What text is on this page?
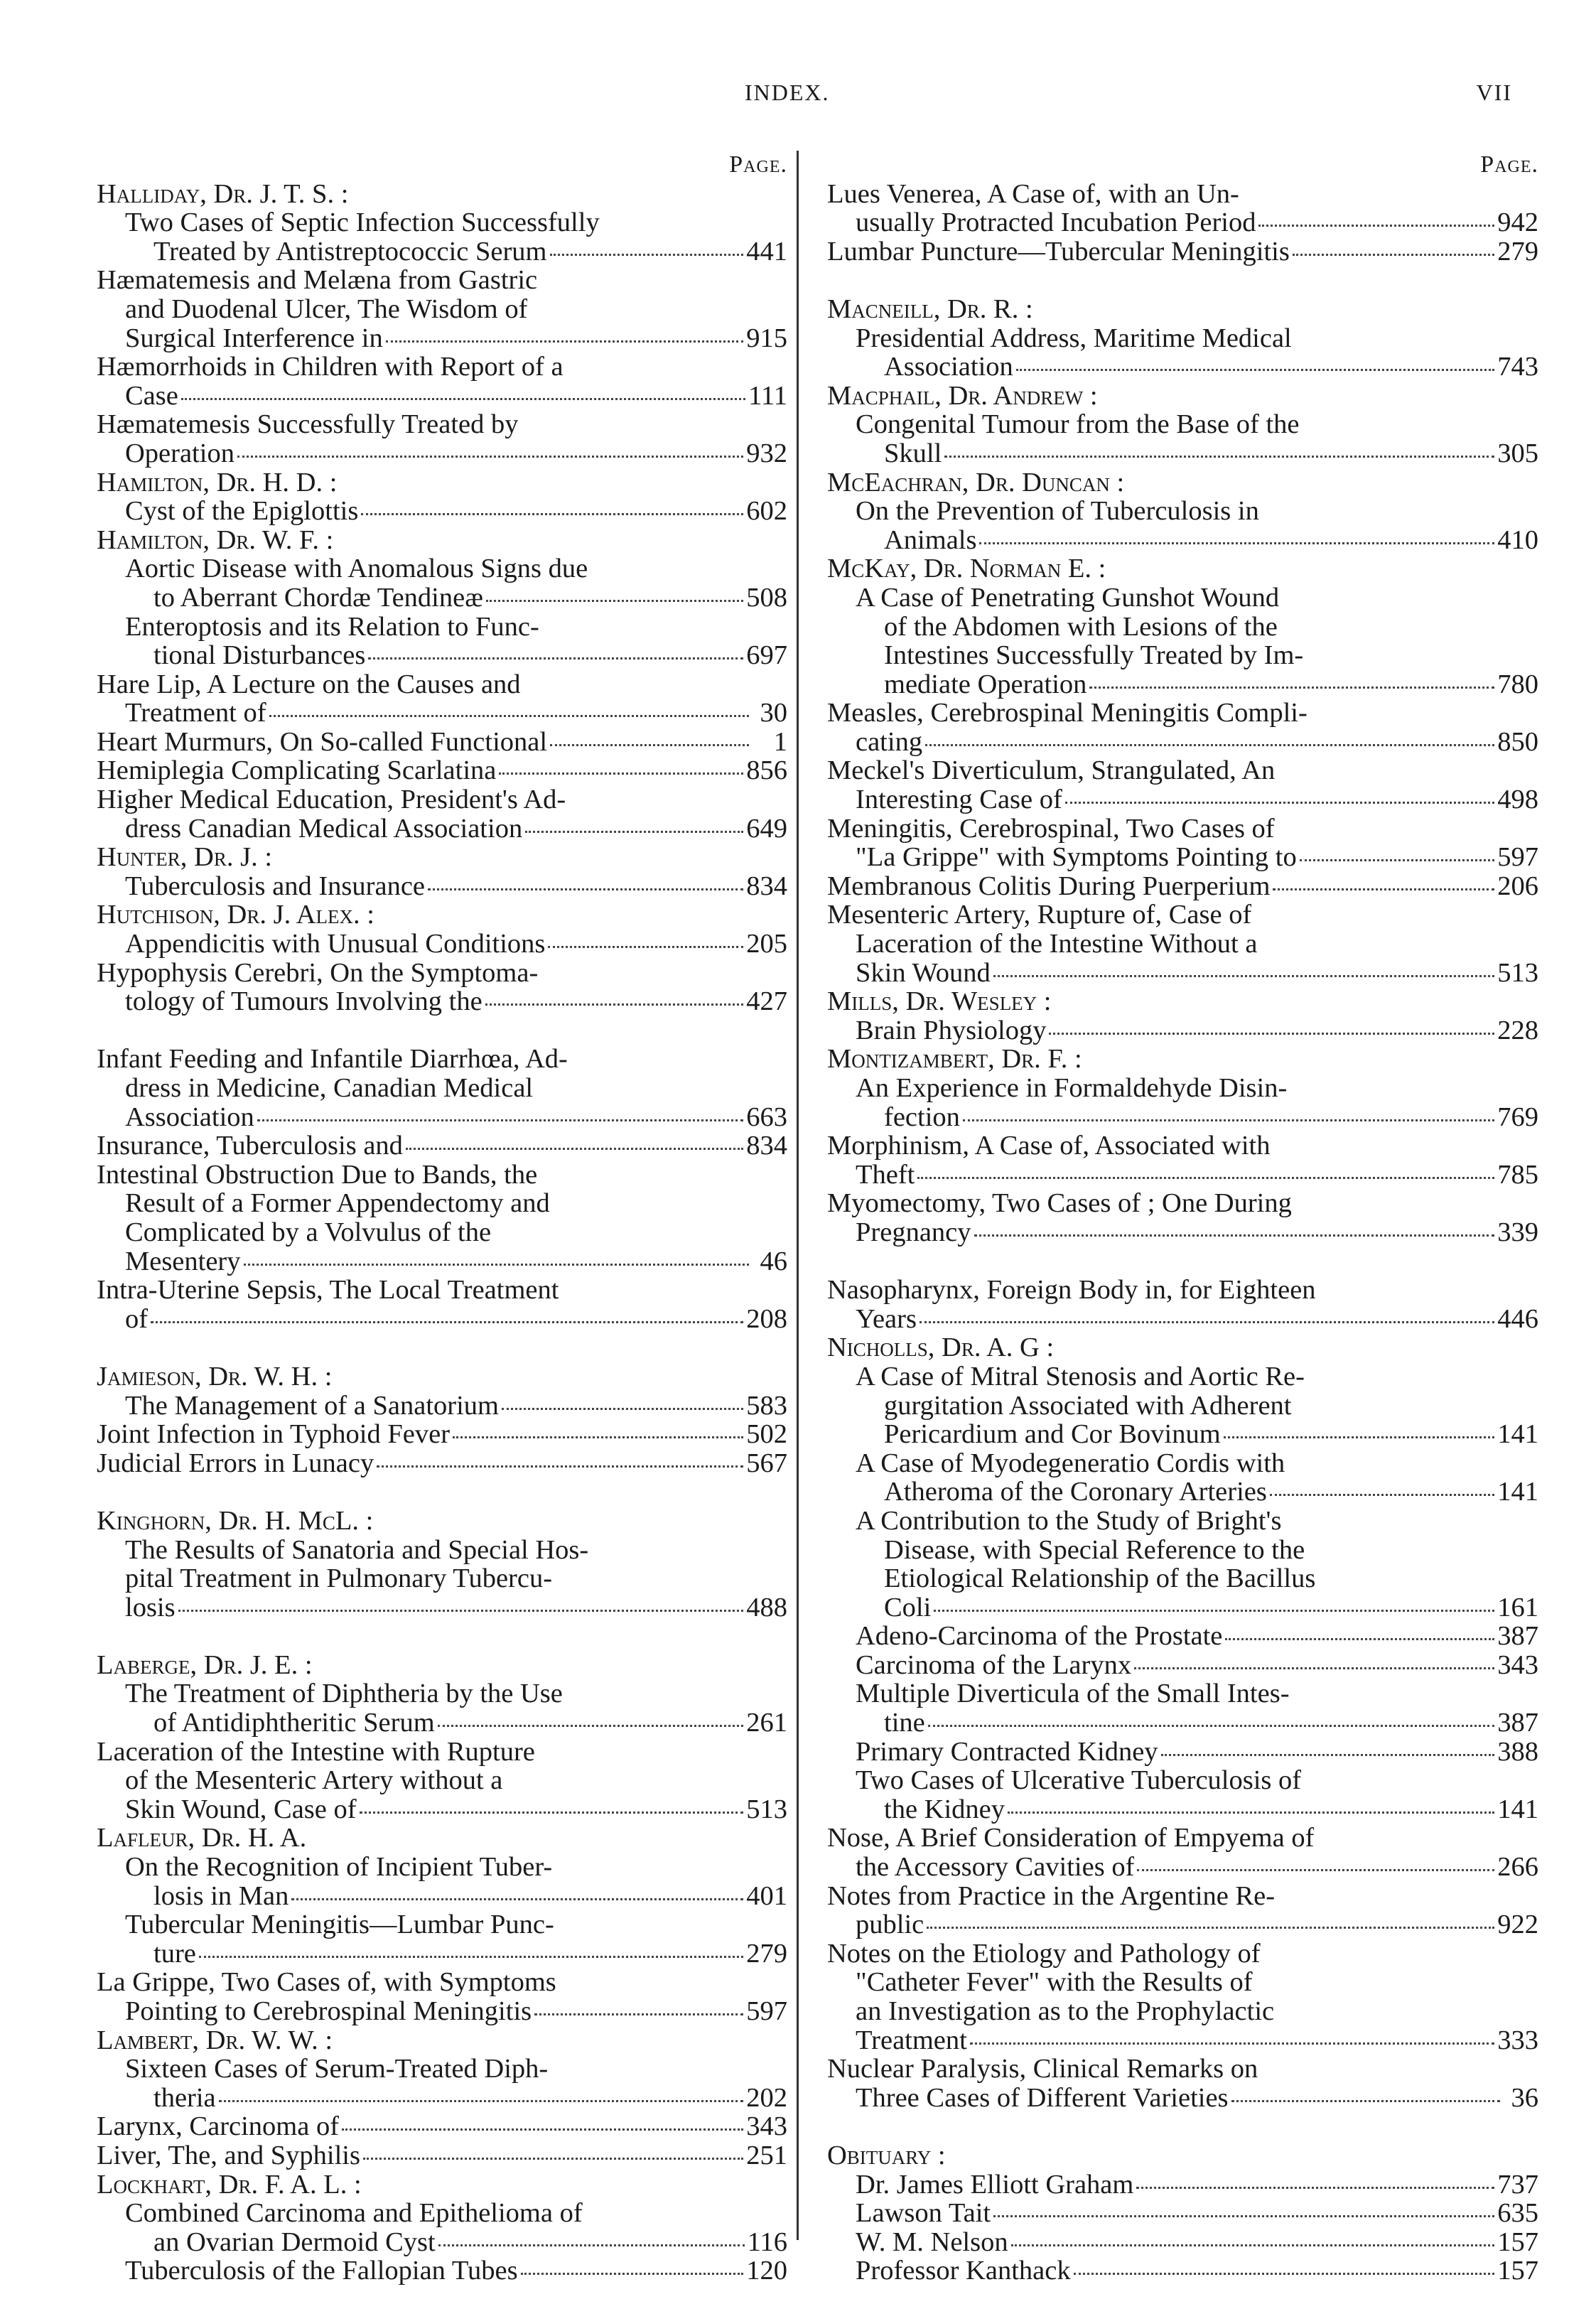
INDEX.	VII
Page.
Halliday, Dr. J. T. S. :
Two Cases of Septic Infection Successfully
Treated by Antistreptococcic Serum	441
Hæmatemesis and Melæna from Gastric
and Duodenal Ulcer, The Wisdom of
Surgical Interference in	915
Hæmorrhoids in Children with Report of a
Case	111
Hæmatemesis Successfully Treated by
Operation	932
Hamilton, Dr. H. D. :
Cyst of the Epiglottis	602
Hamilton, Dr. W. F. :
Aortic Disease with Anomalous Signs due
to Aberrant Chordæ Tendineæ	508
Enteroptosis and its Relation to Func-
tional Disturbances	697
Hare Lip, A Lecture on the Causes and
Treatment of	30
Heart Murmurs, On So-called Functional	1
Hemiplegia Complicating Scarlatina	856
Higher Medical Education, President's Ad-
dress Canadian Medical Association	649
Hunter, Dr. J. :
Tuberculosis and Insurance	834
Hutchison, Dr. J. Alex. :
Appendicitis with Unusual Conditions	205
Hypophysis Cerebri, On the Symptoma-
tology of Tumours Involving the	427
Infant Feeding and Infantile Diarrhœa, Ad-
dress in Medicine, Canadian Medical
Association	663
Insurance, Tuberculosis and	834
Intestinal Obstruction Due to Bands, the
Result of a Former Appendectomy and
Complicated by a Volvulus of the
Mesentery	46
Intra-Uterine Sepsis, The Local Treatment
of	208
Jamieson, Dr. W. H. :
The Management of a Sanatorium	583
Joint Infection in Typhoid Fever	502
Judicial Errors in Lunacy	567
Kinghorn, Dr. H. McL. :
The Results of Sanatoria and Special Hos-
pital Treatment in Pulmonary Tubercu-
losis	488
Laberge, Dr. J. E. :
The Treatment of Diphtheria by the Use
of Antidiphtheritic Serum	261
Laceration of the Intestine with Rupture
of the Mesenteric Artery without a
Skin Wound, Case of	513
Lafleur, Dr. H. A.
On the Recognition of Incipient Tuber-
losis in Man	401
Tubercular Meningitis—Lumbar Punc-
ture	279
La Grippe, Two Cases of, with Symptoms
Pointing to Cerebrospinal Meningitis	597
Lambert, Dr. W. W. :
Sixteen Cases of Serum-Treated Diph-
theria	202
Larynx, Carcinoma of	343
Liver, The, and Syphilis	251
Lockhart, Dr. F. A. L. :
Combined Carcinoma and Epithelioma of
an Ovarian Dermoid Cyst	116
Tuberculosis of the Fallopian Tubes	120
Page.
Lues Venerea, A Case of, with an Un-
usually Protracted Incubation Period	942
Lumbar Puncture—Tubercular Meningitis	279
Macneill, Dr. R. :
Presidential Address, Maritime Medical
Association	743
Macphail, Dr. Andrew :
Congenital Tumour from the Base of the
Skull	305
McEachran, Dr. Duncan :
On the Prevention of Tuberculosis in
Animals	410
McKay, Dr. Norman E. :
A Case of Penetrating Gunshot Wound
of the Abdomen with Lesions of the
Intestines Successfully Treated by Im-
mediate Operation	780
Measles, Cerebrospinal Meningitis Compli-
cating	850
Meckel's Diverticulum, Strangulated, An
Interesting Case of	498
Meningitis, Cerebrospinal, Two Cases of
"La Grippe" with Symptoms Pointing to	597
Membranous Colitis During Puerperium	206
Mesenteric Artery, Rupture of, Case of
Laceration of the Intestine Without a
Skin Wound	513
Mills, Dr. Wesley :
Brain Physiology	228
Montizambert, Dr. F. :
An Experience in Formaldehyde Disin-
fection	769
Morphinism, A Case of, Associated with
Theft	785
Myomectomy, Two Cases of ; One During
Pregnancy	339
Nasopharynx, Foreign Body in, for Eighteen
Years	446
Nicholls, Dr. A. G :
A Case of Mitral Stenosis and Aortic Re-
gurgitation Associated with Adherent
Pericardium and Cor Bovinum	141
A Case of Myodegeneratio Cordis with
Atheroma of the Coronary Arteries	141
A Contribution to the Study of Bright's
Disease, with Special Reference to the
Etiological Relationship of the Bacillus
Coli	161
Adeno-Carcinoma of the Prostate	387
Carcinoma of the Larynx	343
Multiple Diverticula of the Small Intes-
tine	387
Primary Contracted Kidney	388
Two Cases of Ulcerative Tuberculosis of
the Kidney	141
Nose, A Brief Consideration of Empyema of
the Accessory Cavities of	266
Notes from Practice in the Argentine Re-
public	922
Notes on the Etiology and Pathology of
"Catheter Fever" with the Results of
an Investigation as to the Prophylactic
Treatment	333
Nuclear Paralysis, Clinical Remarks on
Three Cases of Different Varieties	36
Obituary :
Dr. James Elliott Graham	737
Lawson Tait	635
W. M. Nelson	157
Professor Kanthack	157
